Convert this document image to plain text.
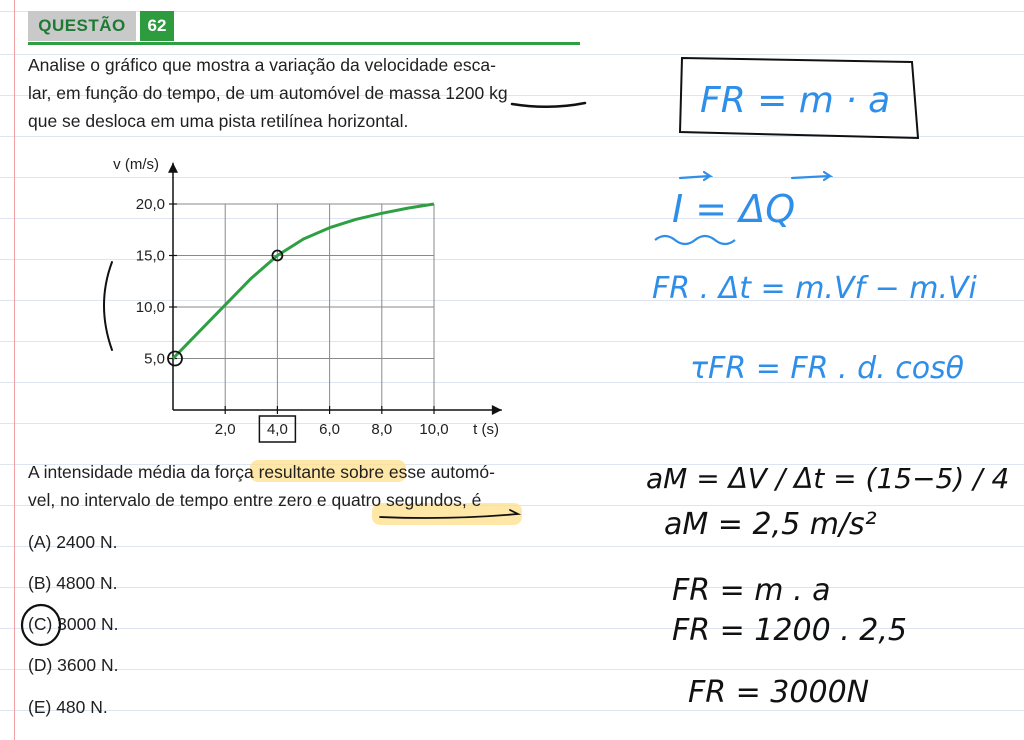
QUESTÃO	62
Analise o gráfico que mostra a variação da velocidade esca-
lar, em função do tempo, de um automóvel de massa 1200 kg
que se desloca em uma pista retilínea horizontal.
2,0 4,0 6,0 8,0 10,0
5,0
10,0
15,0
20,0
t (s)
v (m/s)
A intensidade média da força resultante sobre esse automó-
vel, no intervalo de tempo entre zero e quatro segundos, é
(A) 2400 N.
(B) 4800 N.
(C) 3000 N.
(D) 3600 N.
(E) 480 N.
FR = m · a
I = ΔQ
FR . Δt = m.Vf − m.Vi
τFR = FR . d. cosθ
aM = ΔV / Δt = (15−5) / 4
aM = 2,5 m/s²
FR = m . a
FR = 1200 . 2,5
FR = 3000N
